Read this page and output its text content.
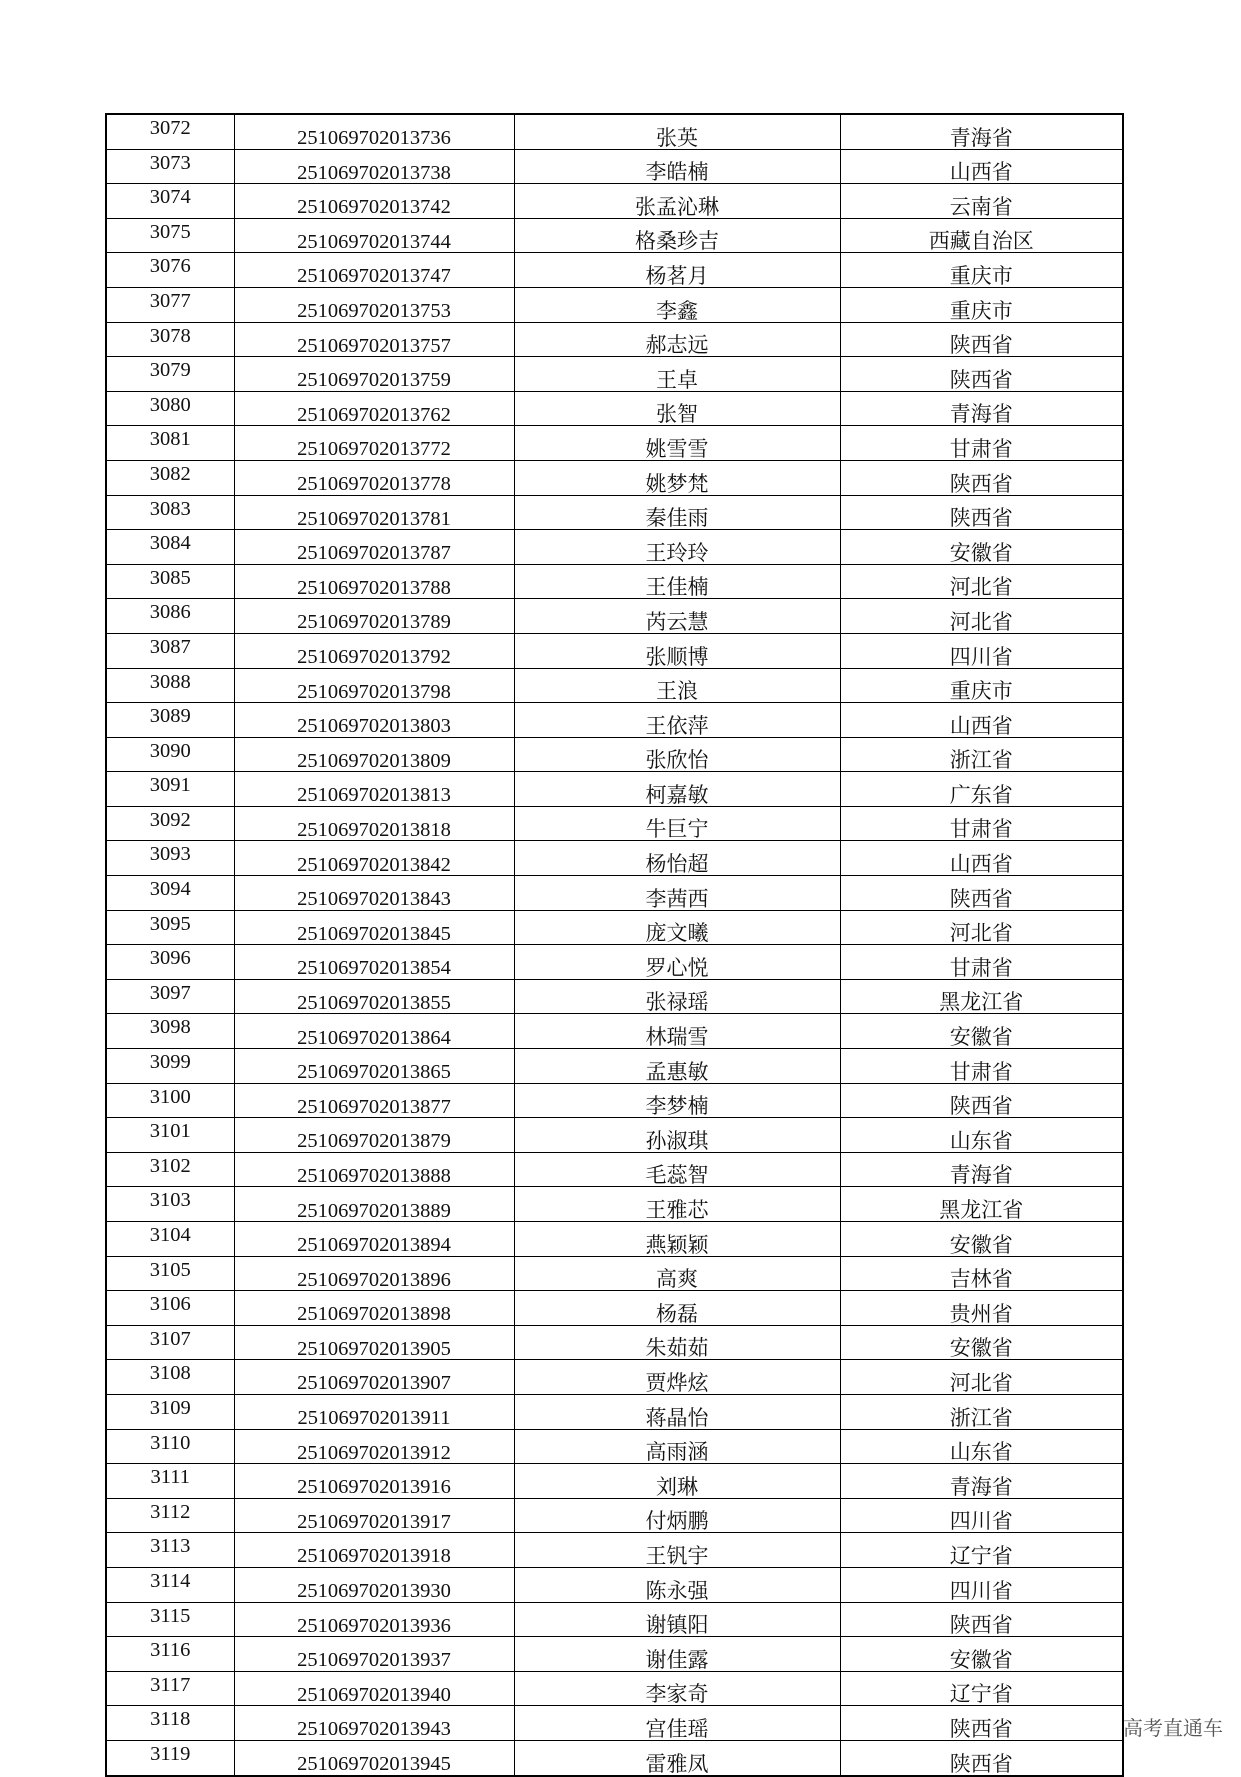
3072	251069702013736	张英	青海省
3073	251069702013738	李皓楠	山西省
3074	251069702013742	张孟沁琳	云南省
3075	251069702013744	格桑珍吉	西藏自治区
3076	251069702013747	杨茗月	重庆市
3077	251069702013753	李鑫	重庆市
3078	251069702013757	郝志远	陕西省
3079	251069702013759	王卓	陕西省
3080	251069702013762	张智	青海省
3081	251069702013772	姚雪雪	甘肃省
3082	251069702013778	姚梦梵	陕西省
3083	251069702013781	秦佳雨	陕西省
3084	251069702013787	王玲玲	安徽省
3085	251069702013788	王佳楠	河北省
3086	251069702013789	芮云慧	河北省
3087	251069702013792	张顺博	四川省
3088	251069702013798	王浪	重庆市
3089	251069702013803	王依萍	山西省
3090	251069702013809	张欣怡	浙江省
3091	251069702013813	柯嘉敏	广东省
3092	251069702013818	牛巨宁	甘肃省
3093	251069702013842	杨怡超	山西省
3094	251069702013843	李茜西	陕西省
3095	251069702013845	庞文曦	河北省
3096	251069702013854	罗心悦	甘肃省
3097	251069702013855	张禄瑶	黑龙江省
3098	251069702013864	林瑞雪	安徽省
3099	251069702013865	孟惠敏	甘肃省
3100	251069702013877	李梦楠	陕西省
3101	251069702013879	孙淑琪	山东省
3102	251069702013888	毛蕊智	青海省
3103	251069702013889	王雅芯	黑龙江省
3104	251069702013894	燕颖颖	安徽省
3105	251069702013896	高爽	吉林省
3106	251069702013898	杨磊	贵州省
3107	251069702013905	朱茹茹	安徽省
3108	251069702013907	贾烨炫	河北省
3109	251069702013911	蒋晶怡	浙江省
3110	251069702013912	高雨涵	山东省
3111	251069702013916	刘琳	青海省
3112	251069702013917	付炳鹏	四川省
3113	251069702013918	王钒宇	辽宁省
3114	251069702013930	陈永强	四川省
3115	251069702013936	谢镇阳	陕西省
3116	251069702013937	谢佳露	安徽省
3117	251069702013940	李家奇	辽宁省
3118	251069702013943	宫佳瑶	陕西省
3119	251069702013945	雷雅凤	陕西省
高考直通车
